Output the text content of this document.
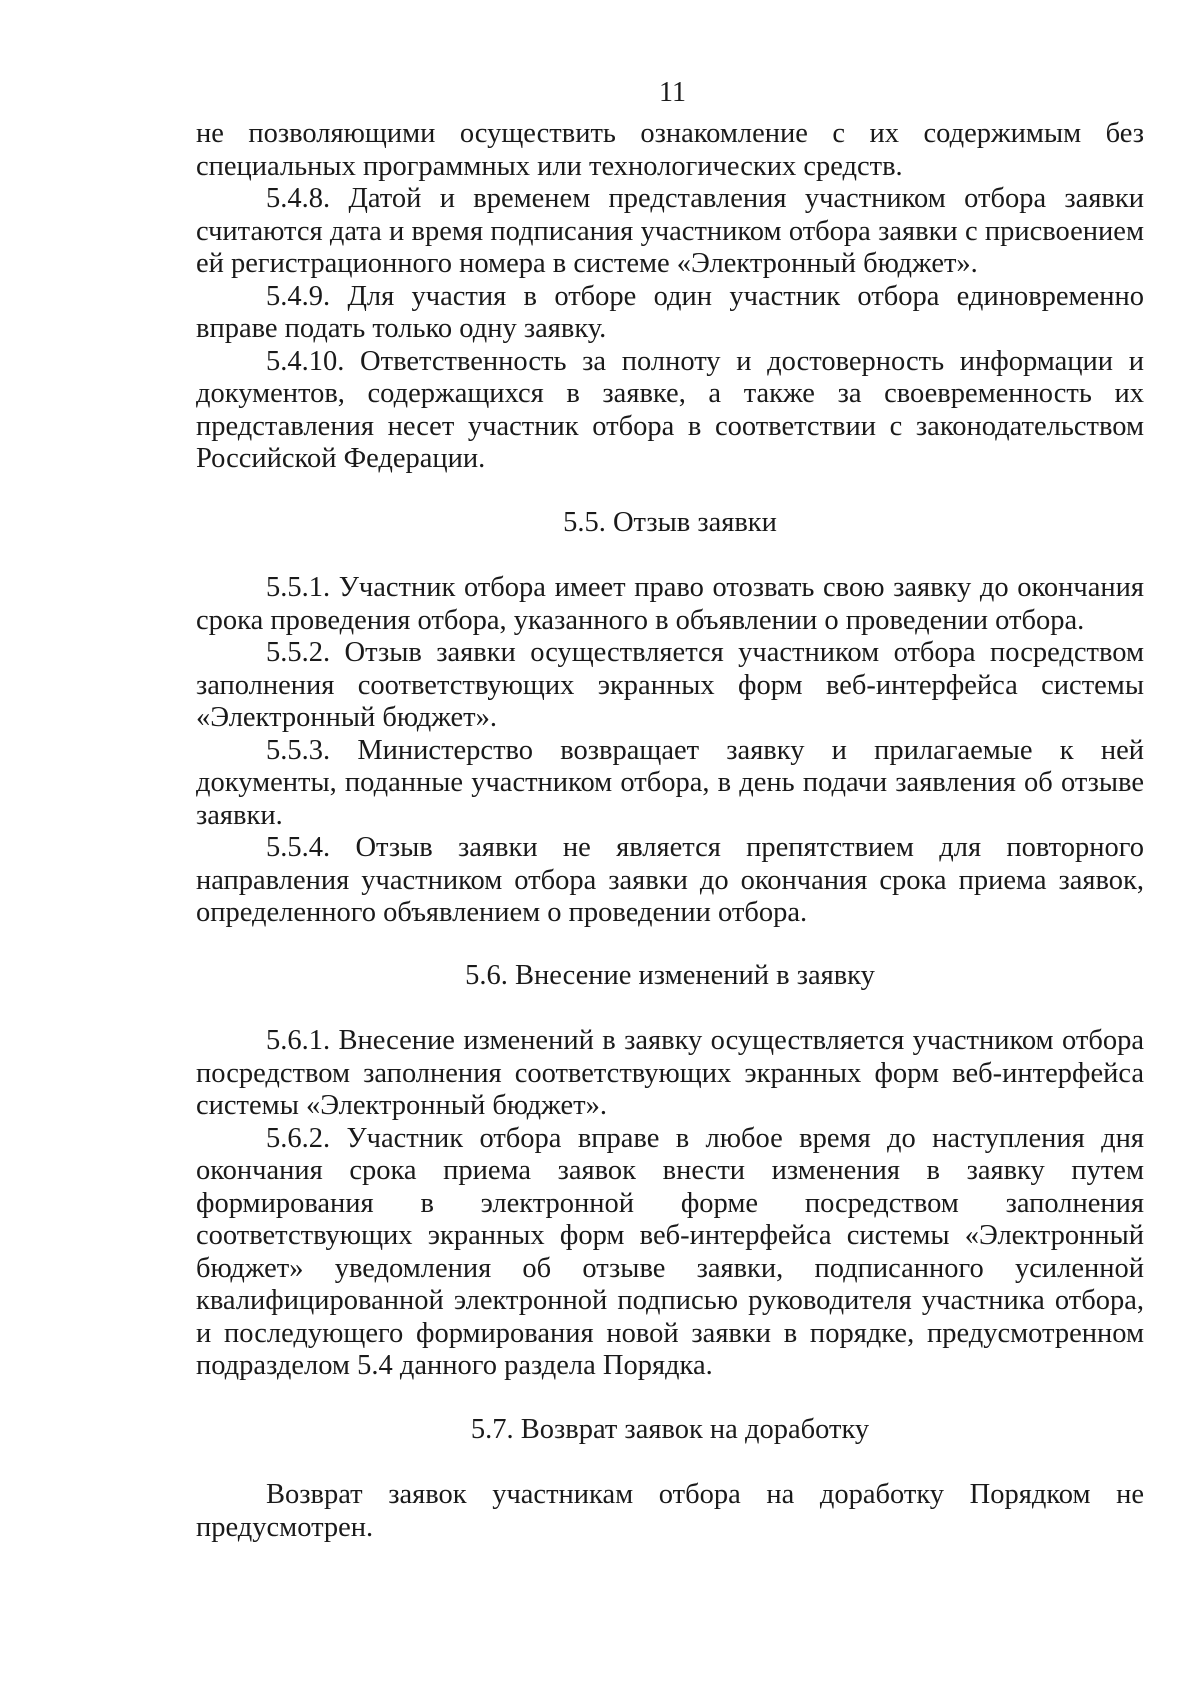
11

не позволяющими осуществить ознакомление с их содержимым без специальных программных или технологических средств.

5.4.8. Датой и временем представления участником отбора заявки считаются дата и время подписания участником отбора заявки с присвоением ей регистрационного номера в системе «Электронный бюджет».

5.4.9. Для участия в отборе один участник отбора единовременно вправе подать только одну заявку.

5.4.10. Ответственность за полноту и достоверность информации и документов, содержащихся в заявке, а также за своевременность их представления несет участник отбора в соответствии с законодательством Российской Федерации.

5.5. Отзыв заявки

5.5.1. Участник отбора имеет право отозвать свою заявку до окончания срока проведения отбора, указанного в объявлении о проведении отбора.

5.5.2. Отзыв заявки осуществляется участником отбора посредством заполнения соответствующих экранных форм веб-интерфейса системы «Электронный бюджет».

5.5.3. Министерство возвращает заявку и прилагаемые к ней документы, поданные участником отбора, в день подачи заявления об отзыве заявки.

5.5.4. Отзыв заявки не является препятствием для повторного направления участником отбора заявки до окончания срока приема заявок, определенного объявлением о проведении отбора.

5.6. Внесение изменений в заявку

5.6.1. Внесение изменений в заявку осуществляется участником отбора посредством заполнения соответствующих экранных форм веб-интерфейса системы «Электронный бюджет».

5.6.2. Участник отбора вправе в любое время до наступления дня окончания срока приема заявок внести изменения в заявку путем формирования в электронной форме посредством заполнения соответствующих экранных форм веб-интерфейса системы «Электронный бюджет» уведомления об отзыве заявки, подписанного усиленной квалифицированной электронной подписью руководителя участника отбора, и последующего формирования новой заявки в порядке, предусмотренном подразделом 5.4 данного раздела Порядка.

5.7. Возврат заявок на доработку

Возврат заявок участникам отбора на доработку Порядком не предусмотрен.
